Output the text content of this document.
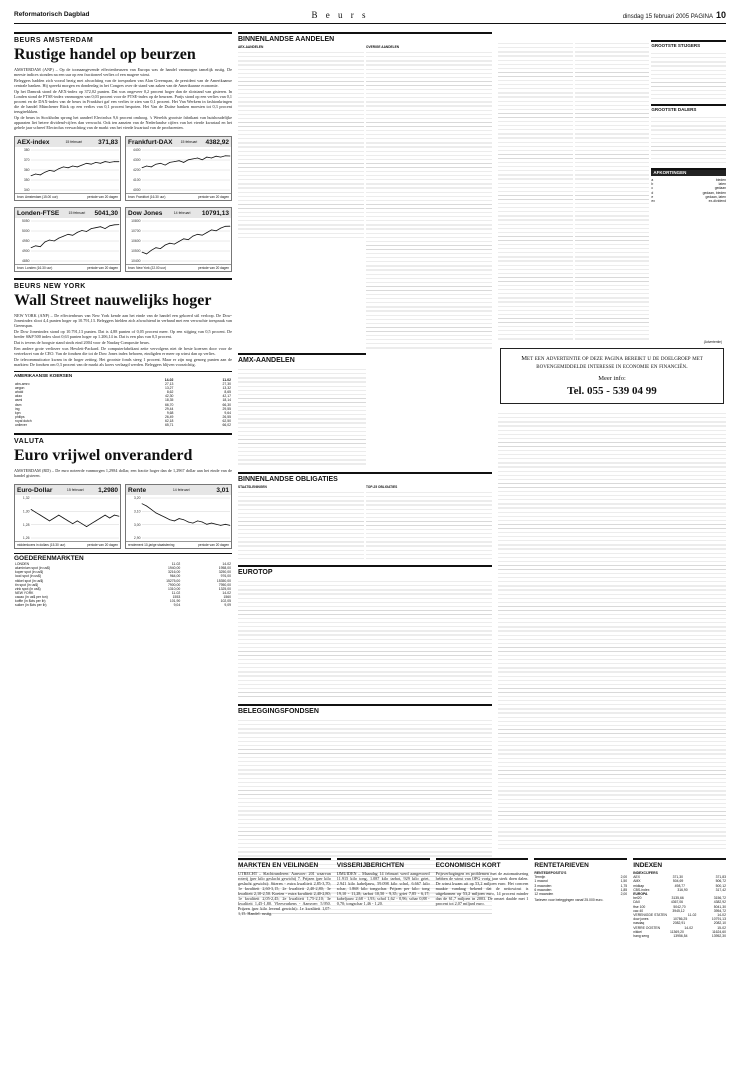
Reformatorisch Dagblad	B e u r s	dinsdag 15 februari 2005 PAGINA 10
BEURS AMSTERDAM
Rustige handel op beurzen

AMSTERDAM (ANP) – Op de toonaangevende effectenbeurzen van Europa was de handel vanmorgen tamelijk rustig. De meeste indices stonden na een uur op een fractioneel verlies of een magere winst.

Beleggers hadden zich vooral bezig met afwachting van de toespraken van Alan Greenspan, de president van de Amerikaanse centrale banken. Hij spreekt morgen en donderdag in het Congres over de stand van zaken van de Amerikaanse economie.

Op het Damrak stond de AEX-index op 372,02 punten. Dat was ongeveer 0,2 procent hoger dan de slotstand van gisteren. In Londen stond de FTSE-index vanmorgen van 0,03 procent voor de FTSE-index op de beurzen. Parijs stond op een verlies van 0,1 procent en de DAX-index van de beurs in Frankfurt gaf een verlies te zien van 0,1 procent. Het Van Werkem in fashionkringen die de handel Münchener Rück op een verlies van 0,1 procent bespoten. Het Van de Duitse banken moesten tot 0,3 procent terugtrekkken.

Op de beurs in Stockholm sprong het aandeel Electrolux 9,6 procent omhoog. 's Werelds grootste fabrikant van huishoudelijke apparaten liet betere dividend-cijfers dan verwacht. Ook ten aanzien van de Nederlandse cijfers van het vierde kwartaal en het gehele jaar schreef Electrolux verwachting van de markt van het vierde kwartaal van de producenten.

AEX-index	15 februari 371,83
380
370
360
350
340
bron: Amsterdam (15.00 uur)	periode van 20 dagen
Frankfurt-DAX 15 februari 4382,92
4400
4300
4200
4100
4000
bron: Frankfurt (16.30 uur)	periode van 20 dagen
Londen-FTSE	15 februari 5041,30
5050
5000
4950
4900
4850
bron: Londen (16.30 uur)	periode van 20 dagen
Dow Jones	14 februari 10791,13
10800
10700
10600
10500
10400
bron: New York (22.00 uur)	periode van 20 dagen
BEURS NEW YORK
Wall Street nauwelijks hoger

NEW YORK (ANP) – De effectenbeurs van New York kende aan het einde van de handel een gekoerd stil verloop. De Dow-Jonesindex sloot 4,4 punten hoger op 10.791,13. Beleggers hielden zich afwachtend in verband met een verwachte toespraak van Greenspan.

De Dow Jonesindex stond op 10.791,13 punten. Dat is 4,88 punten of 0,05 procent meer. Op een stijging van 0,5 procent. De breder S&P 500 index sloot 0,63 punten hoger op 1.206,14 in. Dat is een plus van 0,5 procent.

Dat is tevens de hoogste stand sinds eind 2004 voor de Nasdaq-Composite beurs.

Een andere grote verliezer was Hewlett-Packard. De computerfabrikant zette vervolgens niet de beste koersen door voor de vertrekwet van de CEO. Van de fondsen die tot de Dow Jones index behoren, eindigden er meer op winst dan op verlies.

De telecommuticator kwam in de hoger zetting. Het grootste fonds steeg 1 procent. Maar er zijn nog genoeg punten aan de markten: De fondsen om 0,3 procent van de markt als koers verlaagd werden. Beleggers blijven voorzichtig.

AMERIKAANSE KOERSEN
	14-02	11-02
abn-amro	27,13	27,30
aegon	13,27	13,32
ahold	8,62	8,65
akzo	42,30	42,17
asml	18,35	18,14
dsm	66,70	66,30
ing	29,44	29,55
kpn	9,68	9,64
philips	26,49	26,55
royal dutch	62,18	62,50
unilever	65,71	66,02
VALUTA
Euro vrijwel onveranderd
AMSTERDAM (RD) – De euro noteerde vanmorgen 1,2984 dollar, een fractie hoger dan de 1,2967 dollar aan het einde van de handel gisteren.
Euro-Dollar	15 februari 1,2980
1,32
1,30
1,28
1,26
middenkoers in dollars (15.30 uur)	periode van 20 dagen
Rente	14 februari	3,01
3,20
3,10
3,00
2,90
rendement 10-jarige staatslening	periode van 20 dagen
GOEDERENMARKTEN
LONDEN	11-02	14-02
aluminium spot (in us$)	1940,00	1958,00
koper spot (in us$)	3216,00	3250,00
lood spot (in us$)	964,00	976,00
nikkel spot (in us$)	15275,00	15350,00
tin spot (in us$)	7900,00	7950,00
zink spot (in us$)	1310,00	1325,00
NEW YORK	11-02	14-02
cacao (in us$ per ton)	1553	1560
koffie (in $cts per lb)	101,90	102,05
suiker (in $cts per lb)	9,04	9,09
BINNENLANDSE AANDELEN
AEX-AANDELEN	OVERIGE AANDELEN
AMX-AANDELEN
BINNENLANDSE OBLIGATIES
STAATSLENINGEN	TOP-25 OBLIGATIES
EUROTOP
BELEGGINGSFONDSEN
GROOTSTE STIJGERS
GROOTSTE DALERS
AFKORTINGEN
a	bieden
b	laten
c	gedaan
d	gedaan, bieden
e	gedaan, laten
ex	ex-dividend
(Advertentie)
Met een advertentie op deze pagina bereikt u de doelgroep met bovengemiddelde interesse in economie en financiën.
Meer info:
Tel. 055 - 539 04 99
MARKTEN EN VEILINGEN
UTRECHT – Slachtrunderen: Aanvoer: 201 waarvan roterij (per kilo geslacht gewicht) 7. Prijzen (per kilo geslacht gewicht): Stieren - extra kwaliteit 2,85-3,70; 1e kwaliteit 2,60-3,15; 2e kwaliteit 2,40-2,80; 3e kwaliteit 2,10-2,50. Koeien - extra kwaliteit 2,40-2,80; 1e kwaliteit 2,05-2,45; 2e kwaliteit 1,75-2,10; 3e kwaliteit 1,45-1,80. Vleesvarkens - Aanvoer: 5.950. Prijzen (per kilo levend gewicht): 1e kwaliteit 1,07-1,15. Handel: rustig.
VISSERIJBERICHTEN
IJMUIDEN – Maandag 14 februari werd aangevoerd 11.915 kilo tong, 1.087 kilo tarbot, 929 kilo griet, 2.941 kilo kabeljauw, 59.098 kilo schol, 6.667 kilo schar, 1.868 kilo tongschar. Prijzen per kilo: tong 19,10 - 11,28; tarbot 10,50 - 9,35; griet 7,85 - 6,17; kabeljauw 2,68 - 1,93; schol 1,62 - 0,96; schar 0,88 - 0,70; tongschar 1,46 - 1,20.
ECONOMISCH KORT
Prijsverhogingen en problemen met de automatisering hebben de winst van OPG vorig jaar sterk doen dalen. De winst kwam uit op 53,2 miljoen euro. Het concern maakte vandaag bekend dat de nettowinst is uitgekomen op 53,2 miljoen euro, 14 procent minder dan de 61,7 miljoen in 2003. De omzet daalde met 1 procent tot 2,07 miljard euro.
RENTETARIEVEN
RENTEDEPOSITO'S
Termijn	2,00
1 maand	1,50
3 maanden	1,75
6 maanden	1,85
12 maanden	2,00
Tarieven voor beleggingen vanaf 25.000 euro.
INDEXEN
INDEXCIJFERS
AEX	371,30	371,83
AMX	504,69	506,72
midkap	498,77	500,12
CBS-index	316,90	317,42
EUROPA
bel20	3135,66	3156,72
DAX	4367,06	4382,92
ftse 100	5042,70	5041,30
cac 40	3945,12	3954,72
VERENIGDE STATEN	11-02	14-02
dow jones	10786,25	10791,13
nasdaq	2082,91	2082,10
VERRE OOSTEN	14-02	15-02
nikkei	11369,20	11624,60
hang seng	13956,54	13952,30
